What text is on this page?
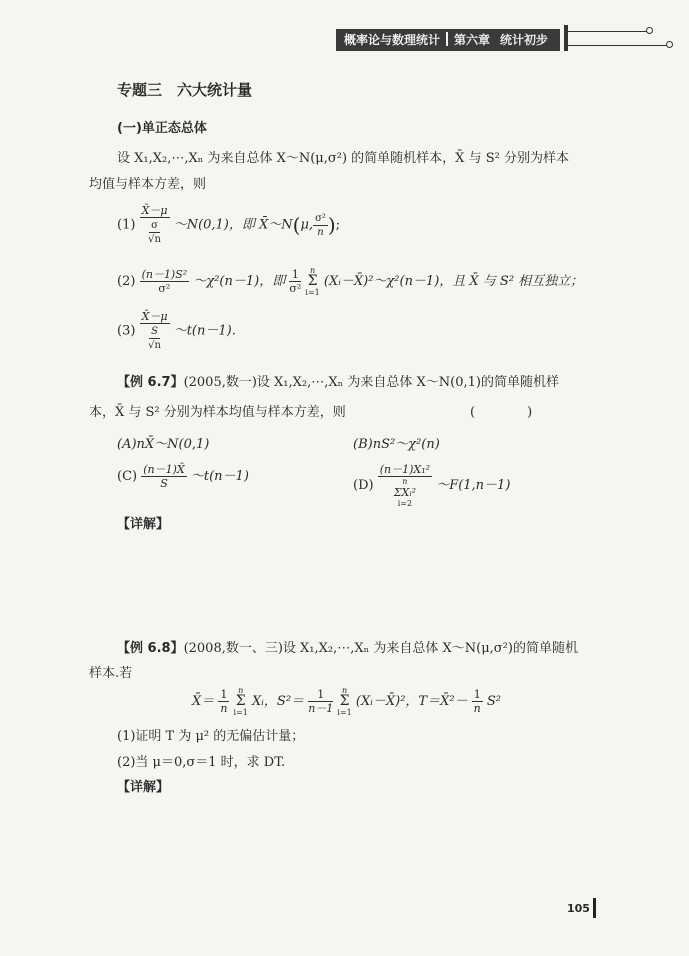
概率论与数理统计 第六章 统计初步
专题三　六大统计量
(一)单正态总体
设 X₁,X₂,⋯,Xₙ 为来自总体 X～N(μ,σ²) 的简单随机样本，X̄ 与 S² 分别为样本
均值与样本方差，则
(1) X̄－μ
σ
√n ～N(0,1)，即 X̄～N(μ, $\frac{\text{σ²}}{n}$ );
$(2) \frac{\text{(n－1)S²}}{\text{σ²}}$ ～χ²(n－1)，即 $\frac{1}{\text{σ²}}$
	n
Σ
i=1
(Xᵢ－X̄)²～χ²(n－1)，且 X̄ 与 S² 相互独立；
(3) X̄－μ
S
√n ～t(n－1).
【例 6.7】(2005,数一)设 X₁,X₂,⋯,Xₙ 为来自总体 X～N(0,1)的简单随机样
本，X̄ 与 S² 分别为样本均值与样本方差，则	(　　　　)
(A)nX̄～N(0,1)	(B)nS²～χ²(n)
$(C) \frac{(n-1)X̄}{S}$ ～t(n－1)
(D) (n－1)X₁²
n
ΣXᵢ²
i=2 ～F(1,n－1)
【详解】
【例 6.8】(2008,数一、三)设 X₁,X₂,⋯,Xₙ 为来自总体 X～N(μ,σ²)的简单随机
样本.若
X̄＝ $\frac{1}{n}$
	n
Σ
i=1
Xᵢ，$S^2= \frac{1}{n-1}$
	n
Σ
i=1
(Xᵢ－X̄)²，T＝X̄²－ $\frac{1}{n} S^2$
(1)证明 T 为 μ² 的无偏估计量；
(2)当 μ＝0,σ＝1 时，求 DT.
【详解】
105
